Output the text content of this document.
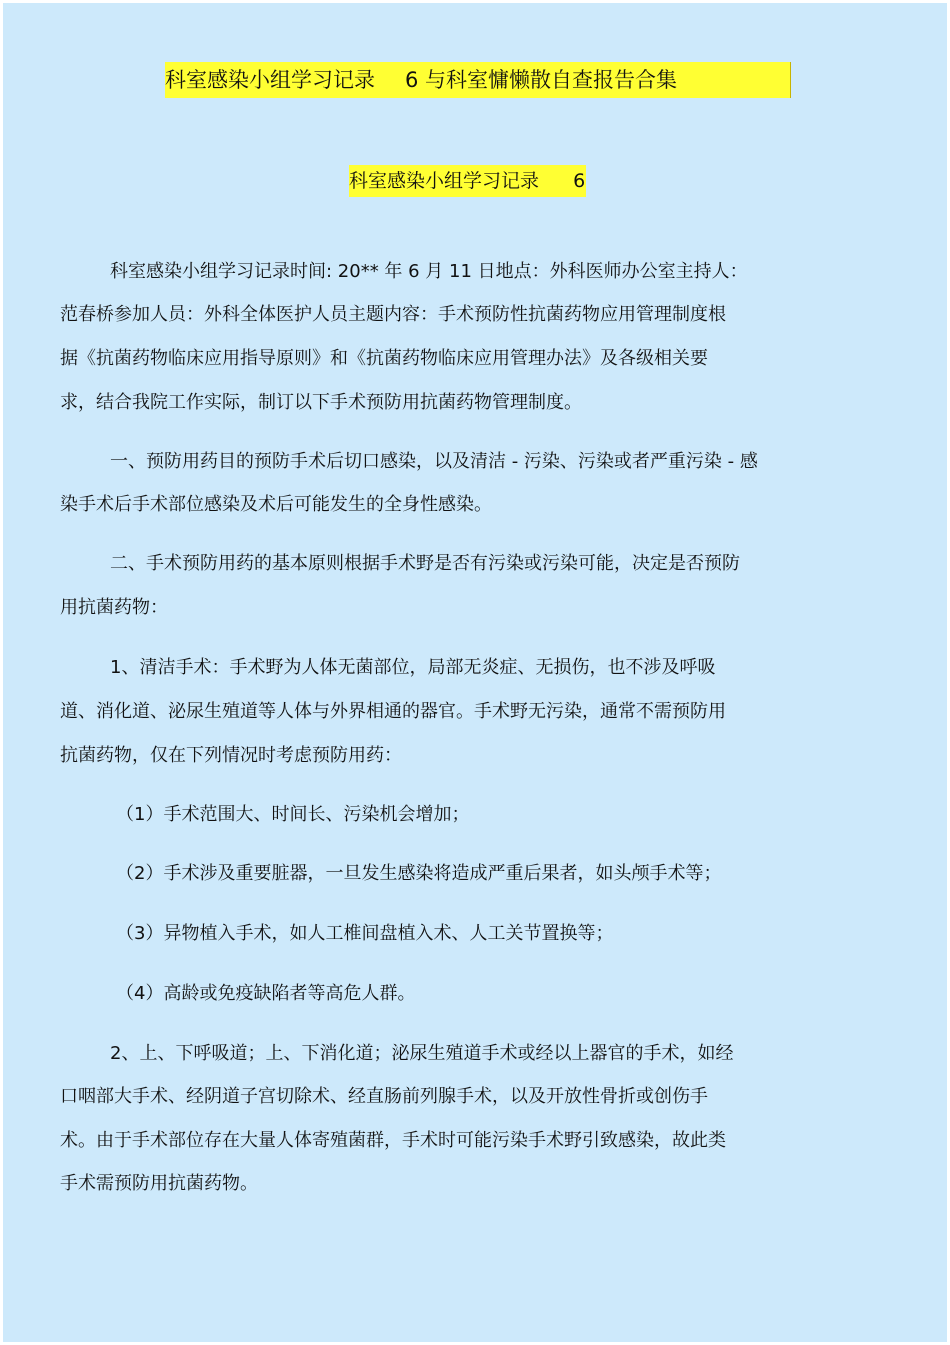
科室感染小组学习记录 6 与科室慵懒散自查报告合集
科室感染小组学习记录 6
科室感染小组学习记录时间: 20** 年 6 月 11 日地点：外科医师办公室主持人：
范春桥参加人员：外科全体医护人员主题内容：手术预防性抗菌药物应用管理制度根
据《抗菌药物临床应用指导原则》和《抗菌药物临床应用管理办法》及各级相关要
求，结合我院工作实际，制订以下手术预防用抗菌药物管理制度。
一、预防用药目的预防手术后切口感染，以及清洁 - 污染、污染或者严重污染 - 感
染手术后手术部位感染及术后可能发生的全身性感染。
二、手术预防用药的基本原则根据手术野是否有污染或污染可能，决定是否预防
用抗菌药物：
1、清洁手术：手术野为人体无菌部位，局部无炎症、无损伤，也不涉及呼吸
道、消化道、泌尿生殖道等人体与外界相通的器官。手术野无污染，通常不需预防用
抗菌药物，仅在下列情况时考虑预防用药：
（1）手术范围大、时间长、污染机会增加；
（2）手术涉及重要脏器，一旦发生感染将造成严重后果者，如头颅手术等；
（3）异物植入手术，如人工椎间盘植入术、人工关节置换等；
（4）高龄或免疫缺陷者等高危人群。
2、上、下呼吸道；上、下消化道；泌尿生殖道手术或经以上器官的手术，如经
口咽部大手术、经阴道子宫切除术、经直肠前列腺手术，以及开放性骨折或创伤手
术。由于手术部位存在大量人体寄殖菌群，手术时可能污染手术野引致感染，故此类
手术需预防用抗菌药物。
